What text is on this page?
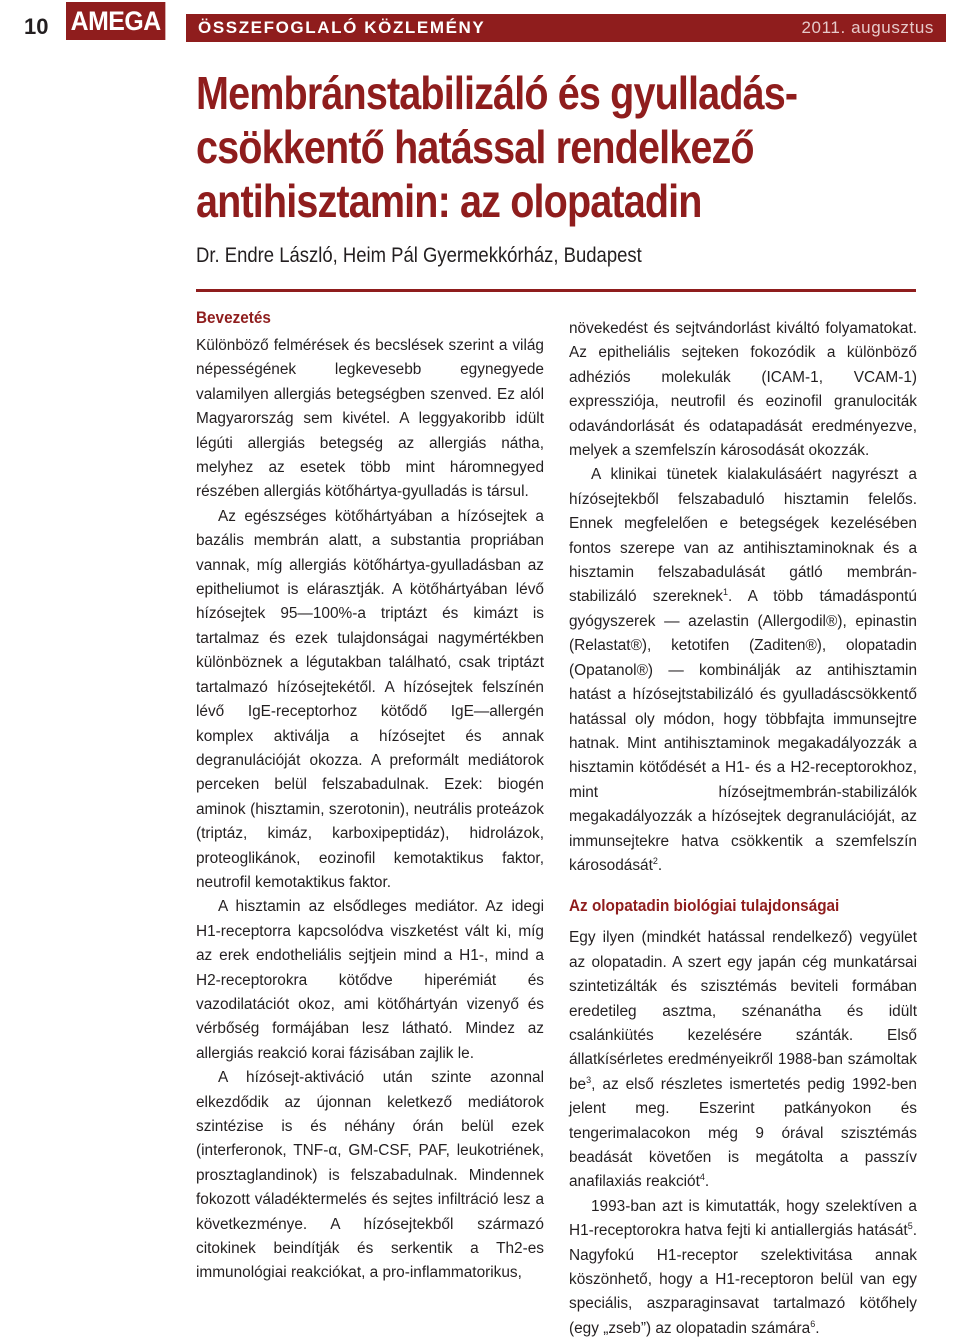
10 AMEGA ÖSSZEFOGLALÓ KÖZLEMÉNY	2011. augusztus
Membránstabilizáló és gyulladás-
csökkentő hatással rendelkező
antihisztamin: az olopatadin
Dr. Endre László, Heim Pál Gyermekkórház, Budapest
Bevezetés

Különböző felmérések és becslések szerint a világ népességének legkevesebb egynegyede valamilyen allergiás betegségben szenved. Ez alól Magyarország sem kivétel. A leggyakoribb idült légúti allergiás betegség az allergiás nátha, melyhez az esetek több mint háromnegyed részében allergiás kötőhártya-gyulladás is társul.

Az egészséges kötőhártyában a hízósejtek a bazális membrán alatt, a substantia propriában vannak, míg allergiás kötőhártya-gyulladásban az epitheliumot is elárasztják. A kötőhártyában lévő hízósejtek 95—100%-a triptázt és kimázt is tartalmaz és ezek tulajdonságai nagymértékben különböznek a légutakban található, csak triptázt tartalmazó hízósejtekétől. A hízósejtek felszínén lévő IgE-receptorhoz kötődő IgE—allergén komplex aktiválja a hízósejtet és annak degranulációját okozza. A preformált mediátorok perceken belül felszabadulnak. Ezek: biogén aminok (hisztamin, szerotonin), neutrális proteázok (triptáz, kimáz, karboxipeptidáz), hidrolázok, proteoglikánok, eozinofil kemotaktikus faktor, neutrofil kemotaktikus faktor.

A hisztamin az elsődleges mediátor. Az idegi H1-receptorra kapcsolódva viszketést vált ki, míg az erek endotheliális sejtjein mind a H1-, mind a H2-receptorokra kötődve hiperémiát és vazodilatációt okoz, ami kötőhártyán vizenyő és vérbőség formájában lesz látható. Mindez az allergiás reakció korai fázisában zajlik le.

A hízósejt-aktiváció után szinte azonnal elkezdődik az újonnan keletkező mediátorok szintézise is és néhány órán belül ezek (interferonok, TNF-α, GM-CSF, PAF, leukotriének, prosztaglandinok) is felszabadulnak. Mindennek fokozott váladéktermelés és sejtes infiltráció lesz a következménye. A hízósejtekből származó citokinek beindítják és serkentik a Th2-es immunológiai reakciókat, a pro-inflammatorikus,

növekedést és sejtvándorlást kiváltó folyamatokat. Az epitheliális sejteken fokozódik a különböző adhéziós molekulák (ICAM-1, VCAM-1) expressziója, neutrofil és eozinofil granulociták odavándorlását és odatapadását eredményezve, melyek a szemfelszín károsodását okozzák.

A klinikai tünetek kialakulásáért nagyrészt a hízósejtekből felszabaduló hisztamin felelős. Ennek megfelelően e betegségek kezelésében fontos szerepe van az antihisztaminoknak és a hisztamin felszabadulását gátló membrán-stabilizáló szereknek$^1$. A több támadáspontú gyógyszerek — azelastin (Allergodil®), epinastin (Relastat®), ketotifen (Zaditen®), olopatadin (Opatanol®) — kombinálják az antihisztamin hatást a hízósejtstabilizáló és gyulladáscsökkentő hatással oly módon, hogy többfajta immunsejtre hatnak. Mint antihisztaminok megakadályozzák a hisztamin kötődését a H1- és a H2-receptorokhoz, mint hízósejtmembrán-stabilizálók megakadályozzák a hízósejtek degranulációját, az immunsejtekre hatva csökkentik a szemfelszín károsodását$^2$.

Az olopatadin biológiai tulajdonságai

Egy ilyen (mindkét hatással rendelkező) vegyület az olopatadin. A szert egy japán cég munkatársai szintetizálták és szisztémás beviteli formában eredetileg asztma, szénanátha és idült csalánkiütés kezelésére szánták. Első állatkísérletes eredményeikről 1988-ban számoltak $be^3$, az első részletes ismertetés pedig 1992-ben jelent meg. Eszerint patkányokon és tengerimalacokon még 9 órával szisztémás beadását követően is megátolta a passzív anafilaxiás reakciót$^4$.

1993-ban azt is kimutatták, hogy szelektíven a H1-receptorokra hatva fejti ki antiallergiás hatását$^5$. Nagyfokú H1-receptor szelektivitása annak köszönhető, hogy a H1-receptoron belül van egy speciális, aszparaginsavat tartalmazó kötőhely (egy „zseb”) az olopatadin számára$^6$.
